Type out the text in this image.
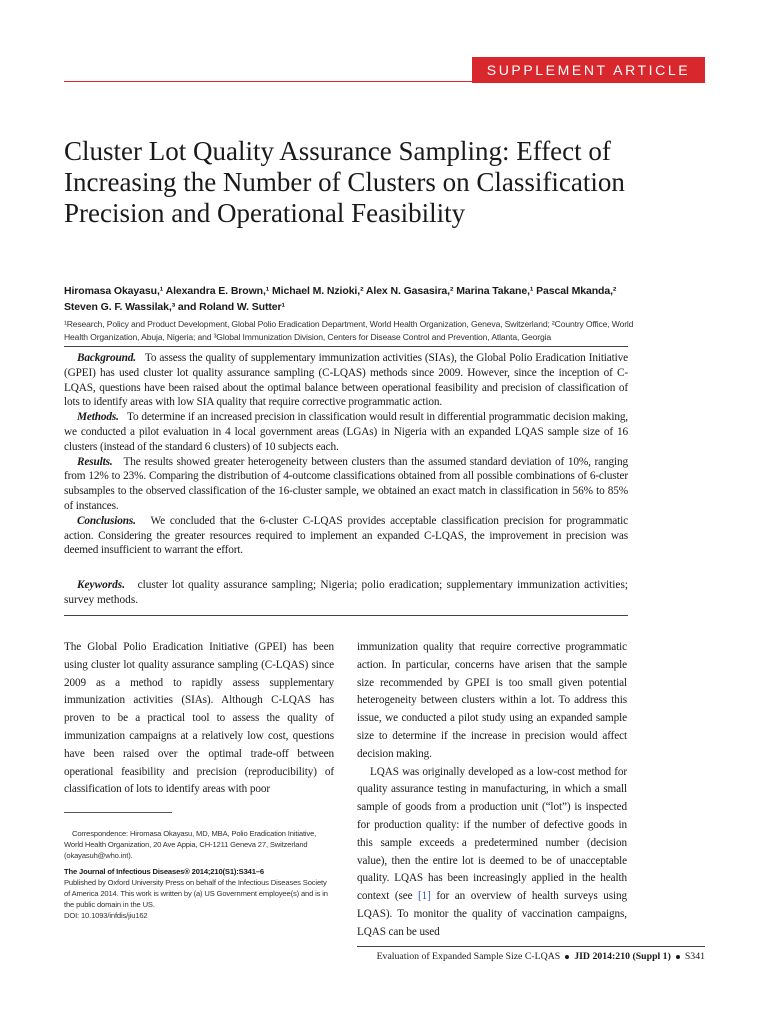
SUPPLEMENT ARTICLE
Cluster Lot Quality Assurance Sampling: Effect of Increasing the Number of Clusters on Classification Precision and Operational Feasibility
Hiromasa Okayasu,¹ Alexandra E. Brown,¹ Michael M. Nzioki,² Alex N. Gasasira,² Marina Takane,¹ Pascal Mkanda,²
Steven G. F. Wassilak,³ and Roland W. Sutter¹
¹Research, Policy and Product Development, Global Polio Eradication Department, World Health Organization, Geneva, Switzerland; ²Country Office, World Health Organization, Abuja, Nigeria; and ³Global Immunization Division, Centers for Disease Control and Prevention, Atlanta, Georgia

Background. To assess the quality of supplementary immunization activities (SIAs), the Global Polio Eradication Initiative (GPEI) has used cluster lot quality assurance sampling (C-LQAS) methods since 2009. However, since the inception of C-LQAS, questions have been raised about the optimal balance between operational feasibility and precision of classification of lots to identify areas with low SIA quality that require corrective programmatic action.

Methods. To determine if an increased precision in classification would result in differential programmatic decision making, we conducted a pilot evaluation in 4 local government areas (LGAs) in Nigeria with an expanded LQAS sample size of 16 clusters (instead of the standard 6 clusters) of 10 subjects each.

Results. The results showed greater heterogeneity between clusters than the assumed standard deviation of 10%, ranging from 12% to 23%. Comparing the distribution of 4-outcome classifications obtained from all possible combinations of 6-cluster subsamples to the observed classification of the 16-cluster sample, we obtained an exact match in classification in 56% to 85% of instances.

Conclusions. We concluded that the 6-cluster C-LQAS provides acceptable classification precision for programmatic action. Considering the greater resources required to implement an expanded C-LQAS, the improvement in precision was deemed insufficient to warrant the effort.

Keywords. cluster lot quality assurance sampling; Nigeria; polio eradication; supplementary immunization activities; survey methods.

The Global Polio Eradication Initiative (GPEI) has been using cluster lot quality assurance sampling (C-LQAS) since 2009 as a method to rapidly assess supplementary immunization activities (SIAs). Although C-LQAS has proven to be a practical tool to assess the quality of immunization campaigns at a relatively low cost, questions have been raised over the optimal trade-off between operational feasibility and precision (reproducibility) of classification of lots to identify areas with poor

immunization quality that require corrective programmatic action. In particular, concerns have arisen that the sample size recommended by GPEI is too small given potential heterogeneity between clusters within a lot. To address this issue, we conducted a pilot study using an expanded sample size to determine if the increase in precision would affect decision making.

LQAS was originally developed as a low-cost method for quality assurance testing in manufacturing, in which a small sample of goods from a production unit (“lot”) is inspected for production quality: if the number of defective goods in this sample exceeds a predetermined number (decision value), then the entire lot is deemed to be of unacceptable quality. LQAS has been increasingly applied in the health context (see [1] for an overview of health surveys using LQAS). To monitor the quality of vaccination campaigns, LQAS can be used

Correspondence: Hiromasa Okayasu, MD, MBA, Polio Eradication Initiative, World Health Organization, 20 Ave Appia, CH-1211 Geneva 27, Switzerland (okayasuh@who.int).

The Journal of Infectious Diseases® 2014;210(S1):S341–6

Published by Oxford University Press on behalf of the Infectious Diseases Society of America 2014. This work is written by (a) US Government employee(s) and is in the public domain in the US.

DOI: 10.1093/infdis/jiu162

Evaluation of Expanded Sample Size C-LQAS JID 2014:210 (Suppl 1) S341
